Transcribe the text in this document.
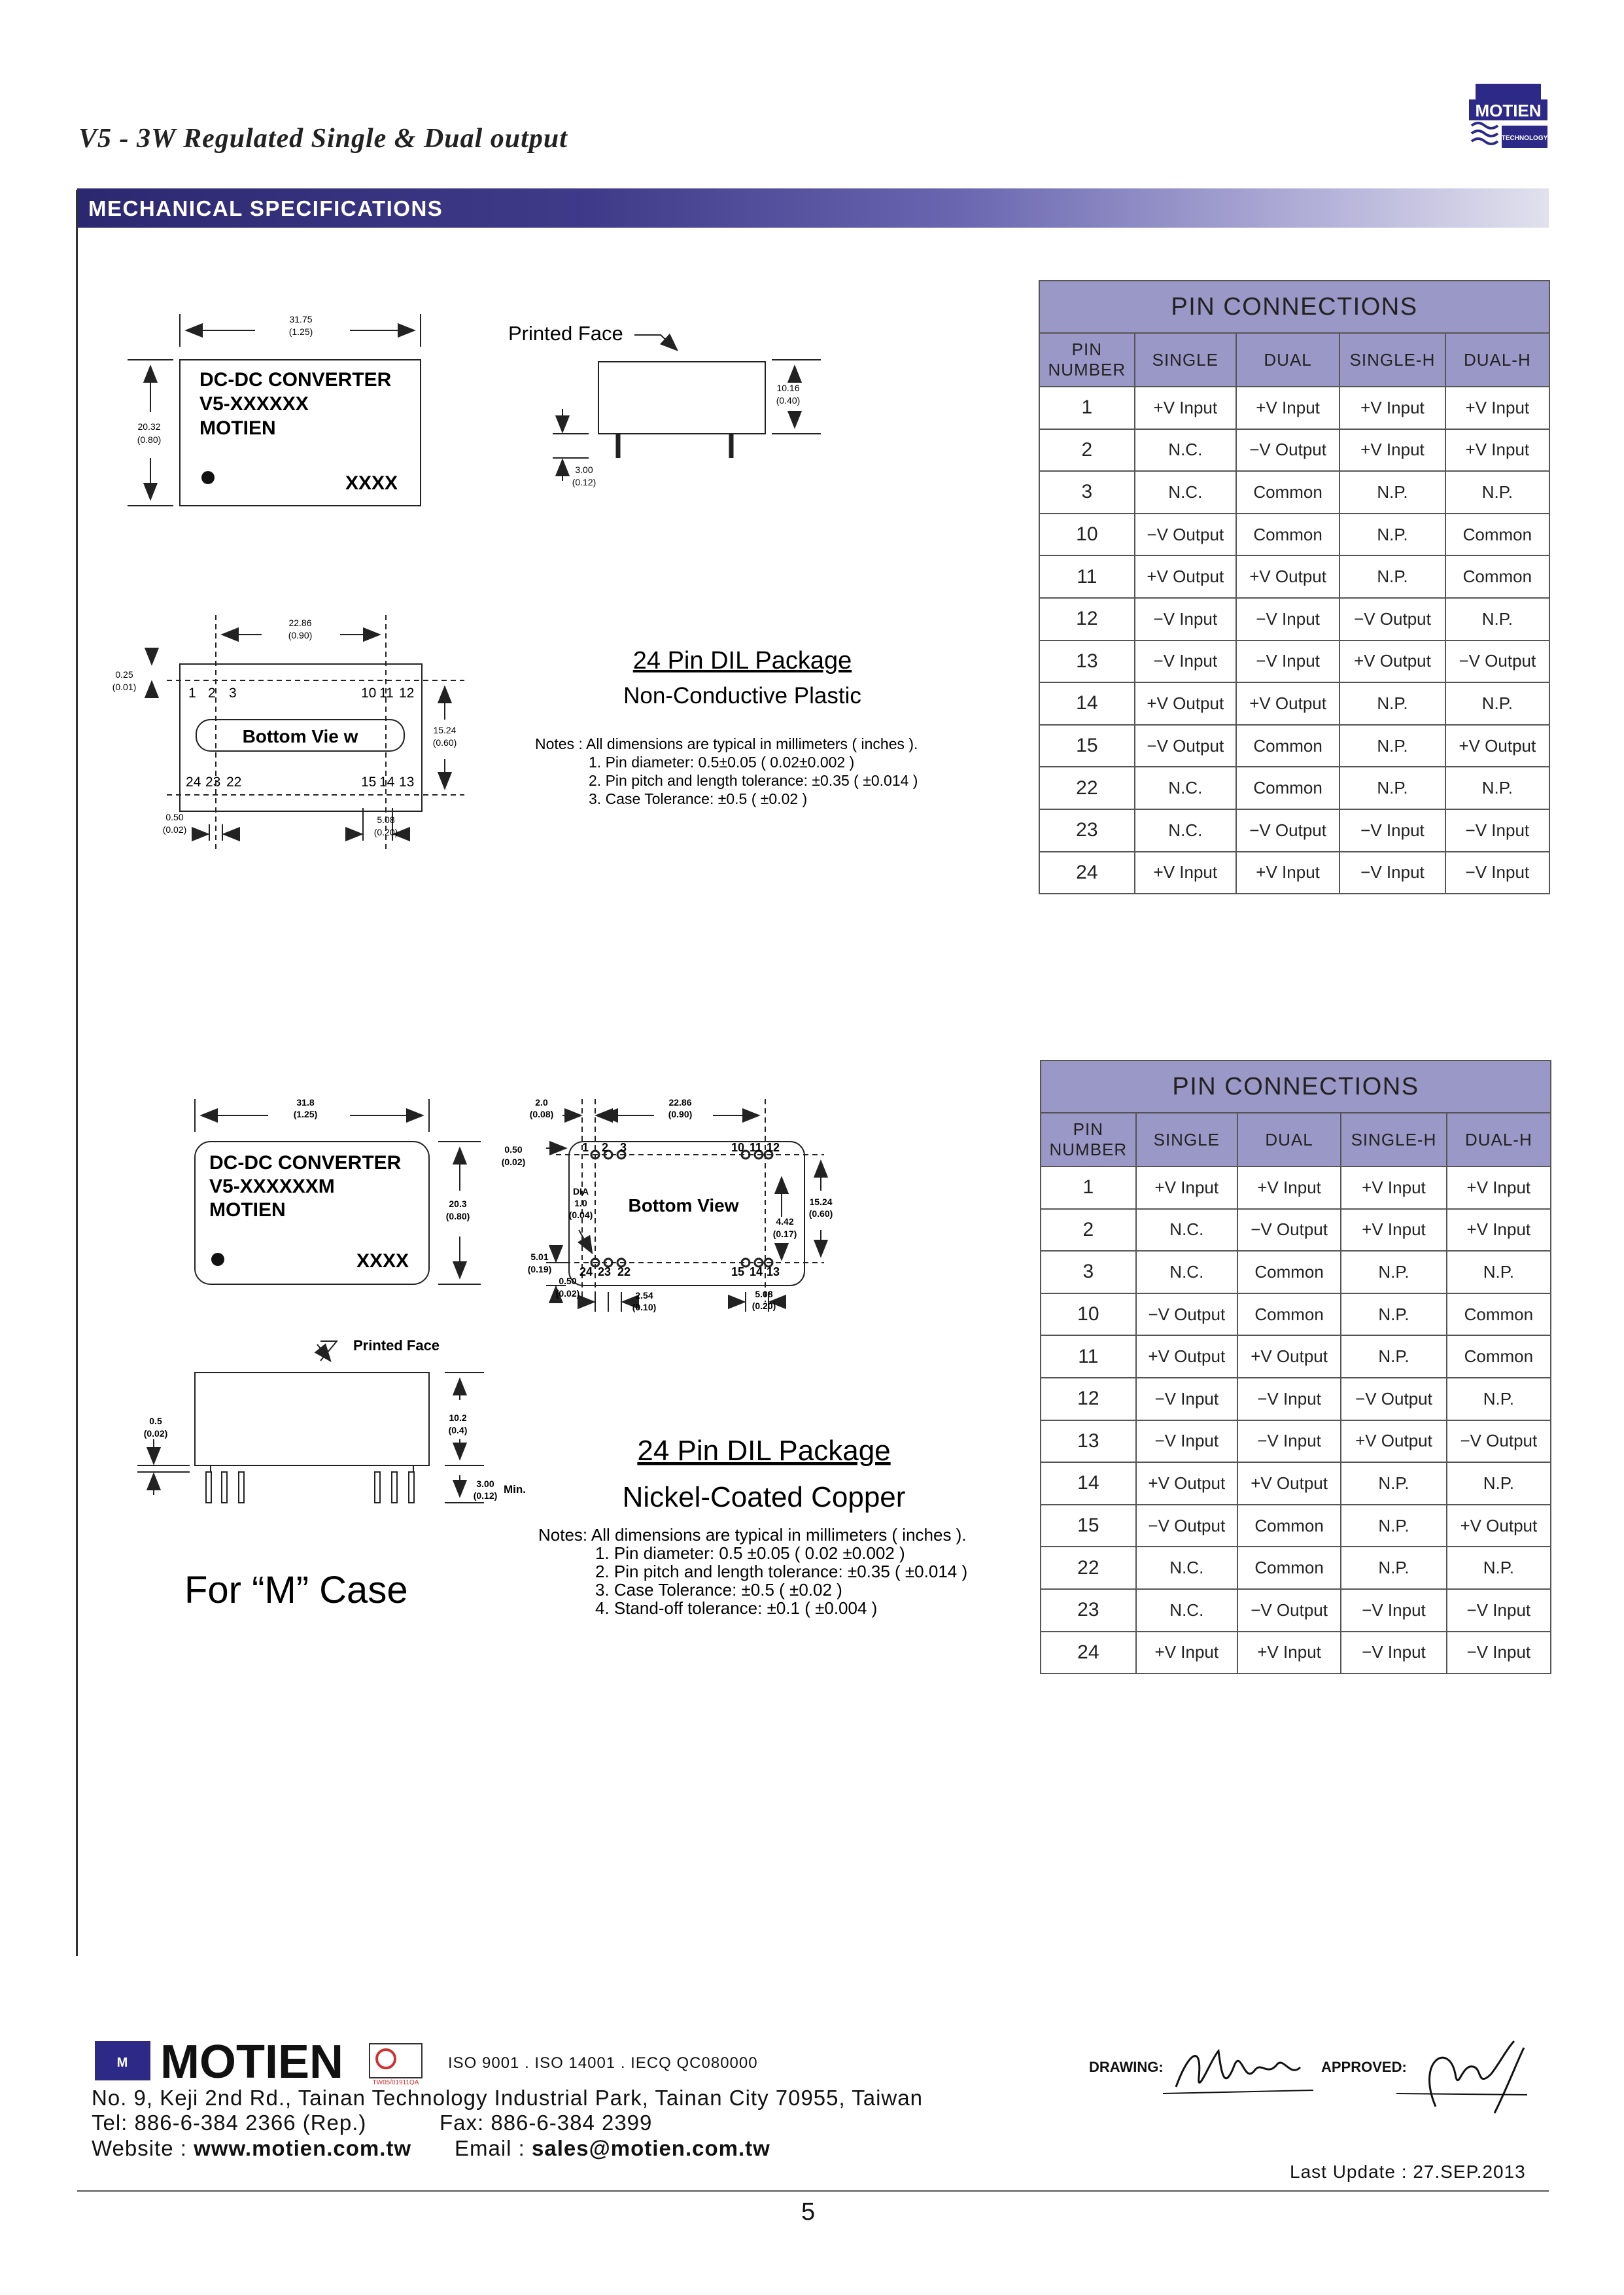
V5 - 3W Regulated Single & Dual output
MOTIEN
TECHNOLOGY
MECHANICAL SPECIFICATIONS
DC-DC CONVERTER
V5-XXXXXX
MOTIEN
XXXX
31.75
(1.25)
20.32
(0.80)
Printed Face
10.16
(0.40)
3.00
(0.12)
22.86
(0.90)
0.25
(0.01)
15.24
(0.60)
0.50
(0.02)
5.08
(0.20)
Bottom Vie w
1 2 3	10 11 12
24 23 22	15 14 13
24 Pin DIL Package
Non-Conductive Plastic
Notes : All dimensions are typical in millimeters ( inches ).
1. Pin diameter: 0.5±0.05 ( 0.02±0.002 )
2. Pin pitch and length tolerance: ±0.35 ( ±0.014 )
3. Case Tolerance: ±0.5 ( ±0.02 )
DC-DC CONVERTER
V5-XXXXXXM
MOTIEN
XXXX
31.8
(1.25)
20.3
(0.80)
2.0
(0.08)
22.86
(0.90)
0.50
(0.02)
DIA
1.0
(0.04) Bottom View	15.24
(0.60)
4.42
(0.17)
5.01
(0.19)
0.50
(0.02)	2.54
(0.10)
5.08
(0.20)
1 2 3	10 11 12
24 23 22	15 14 13
Printed Face
0.5
(0.02)
10.2
(0.4)
3.00
(0.12) Min.
24 Pin DIL Package
Nickel-Coated Copper
Notes: All dimensions are typical in millimeters ( inches ).
1. Pin diameter: 0.5 ±0.05 ( 0.02 ±0.002 )
2. Pin pitch and length tolerance: ±0.35 ( ±0.014 )
3. Case Tolerance: ±0.5 ( ±0.02 )
4. Stand-off tolerance: ±0.1 ( ±0.004 )
For “M” Case
PIN CONNECTIONS				
PIN NUMBER	SINGLE	DUAL	SINGLE-H	DUAL-H
1	+V Input	+V Input	+V Input	+V Input
2	N.C.	−V Output	+V Input	+V Input
3	N.C.	Common	N.P.	N.P.
10	−V Output	Common	N.P.	Common
11	+V Output	+V Output	N.P.	Common
12	−V Input	−V Input	−V Output	N.P.
13	−V Input	−V Input	+V Output	−V Output
14	+V Output	+V Output	N.P.	N.P.
15	−V Output	Common	N.P.	+V Output
22	N.C.	Common	N.P.	N.P.
23	N.C.	−V Output	−V Input	−V Input
24	+V Input	+V Input	−V Input	−V Input
PIN CONNECTIONS				
PIN NUMBER	SINGLE	DUAL	SINGLE-H	DUAL-H
1	+V Input	+V Input	+V Input	+V Input
2	N.C.	−V Output	+V Input	+V Input
3	N.C.	Common	N.P.	N.P.
10	−V Output	Common	N.P.	Common
11	+V Output	+V Output	N.P.	Common
12	−V Input	−V Input	−V Output	N.P.
13	−V Input	−V Input	+V Output	−V Output
14	+V Output	+V Output	N.P.	N.P.
15	−V Output	Common	N.P.	+V Output
22	N.C.	Common	N.P.	N.P.
23	N.C.	−V Output	−V Input	−V Input
24	+V Input	+V Input	−V Input	−V Input
M MOTIEN	TW05/01911QA
ISO 9001 . ISO 14001 . IECQ QC080000
No. 9, Keji 2nd Rd., Tainan Technology Industrial Park, Tainan City 70955, Taiwan
Tel: 886-6-384 2366 (Rep.)	Fax: 886-6-384 2399
Website : www.motien.com.tw Email : sales@motien.com.tw
DRAWING:	APPROVED:
Last Update : 27.SEP.2013
5
